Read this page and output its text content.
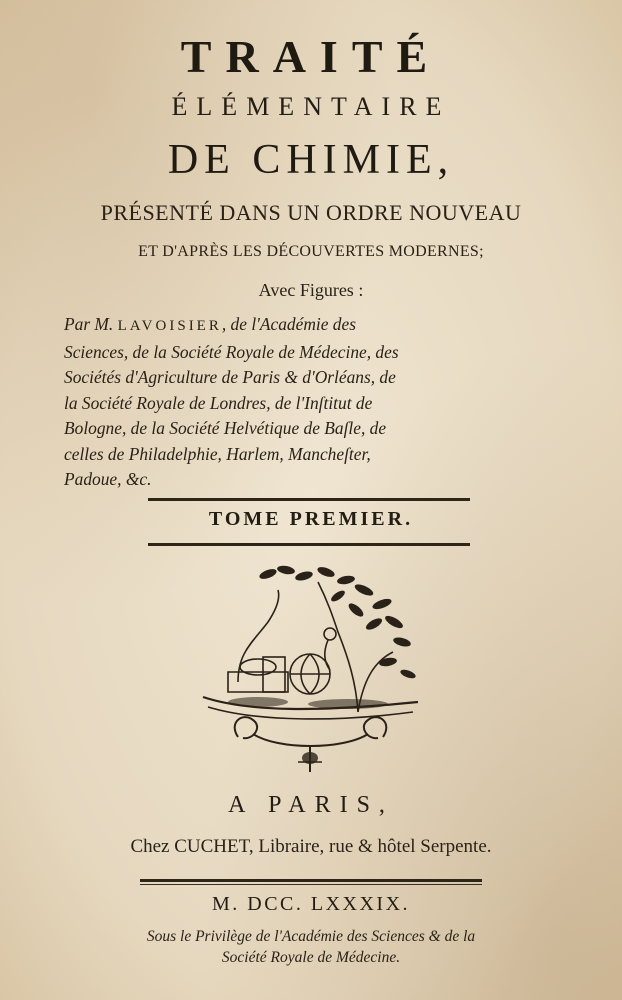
TRAITÉ
ÉLÉMENTAIRE
DE CHIMIE,
PRÉSENTÉ DANS UN ORDRE NOUVEAU
ET D'APRÈS LES DÉCOUVERTES MODERNES;
Avec Figures :
Par M. LAVOISIER, de l'Académie des
Sciences, de la Société Royale de Médecine, des
Sociétés d'Agriculture de Paris & d'Orléans, de
la Société Royale de Londres, de l'Inſtitut de
Bologne, de la Société Helvétique de Baſle, de
celles de Philadelphie, Harlem, Mancheſter,
Padoue, &c.
TOME PREMIER.
A PARIS,
Chez CUCHET, Libraire, rue & hôtel Serpente.
M. DCC. LXXXIX.
Sous le Privilège de l'Académie des Sciences & de la
Société Royale de Médecine.
